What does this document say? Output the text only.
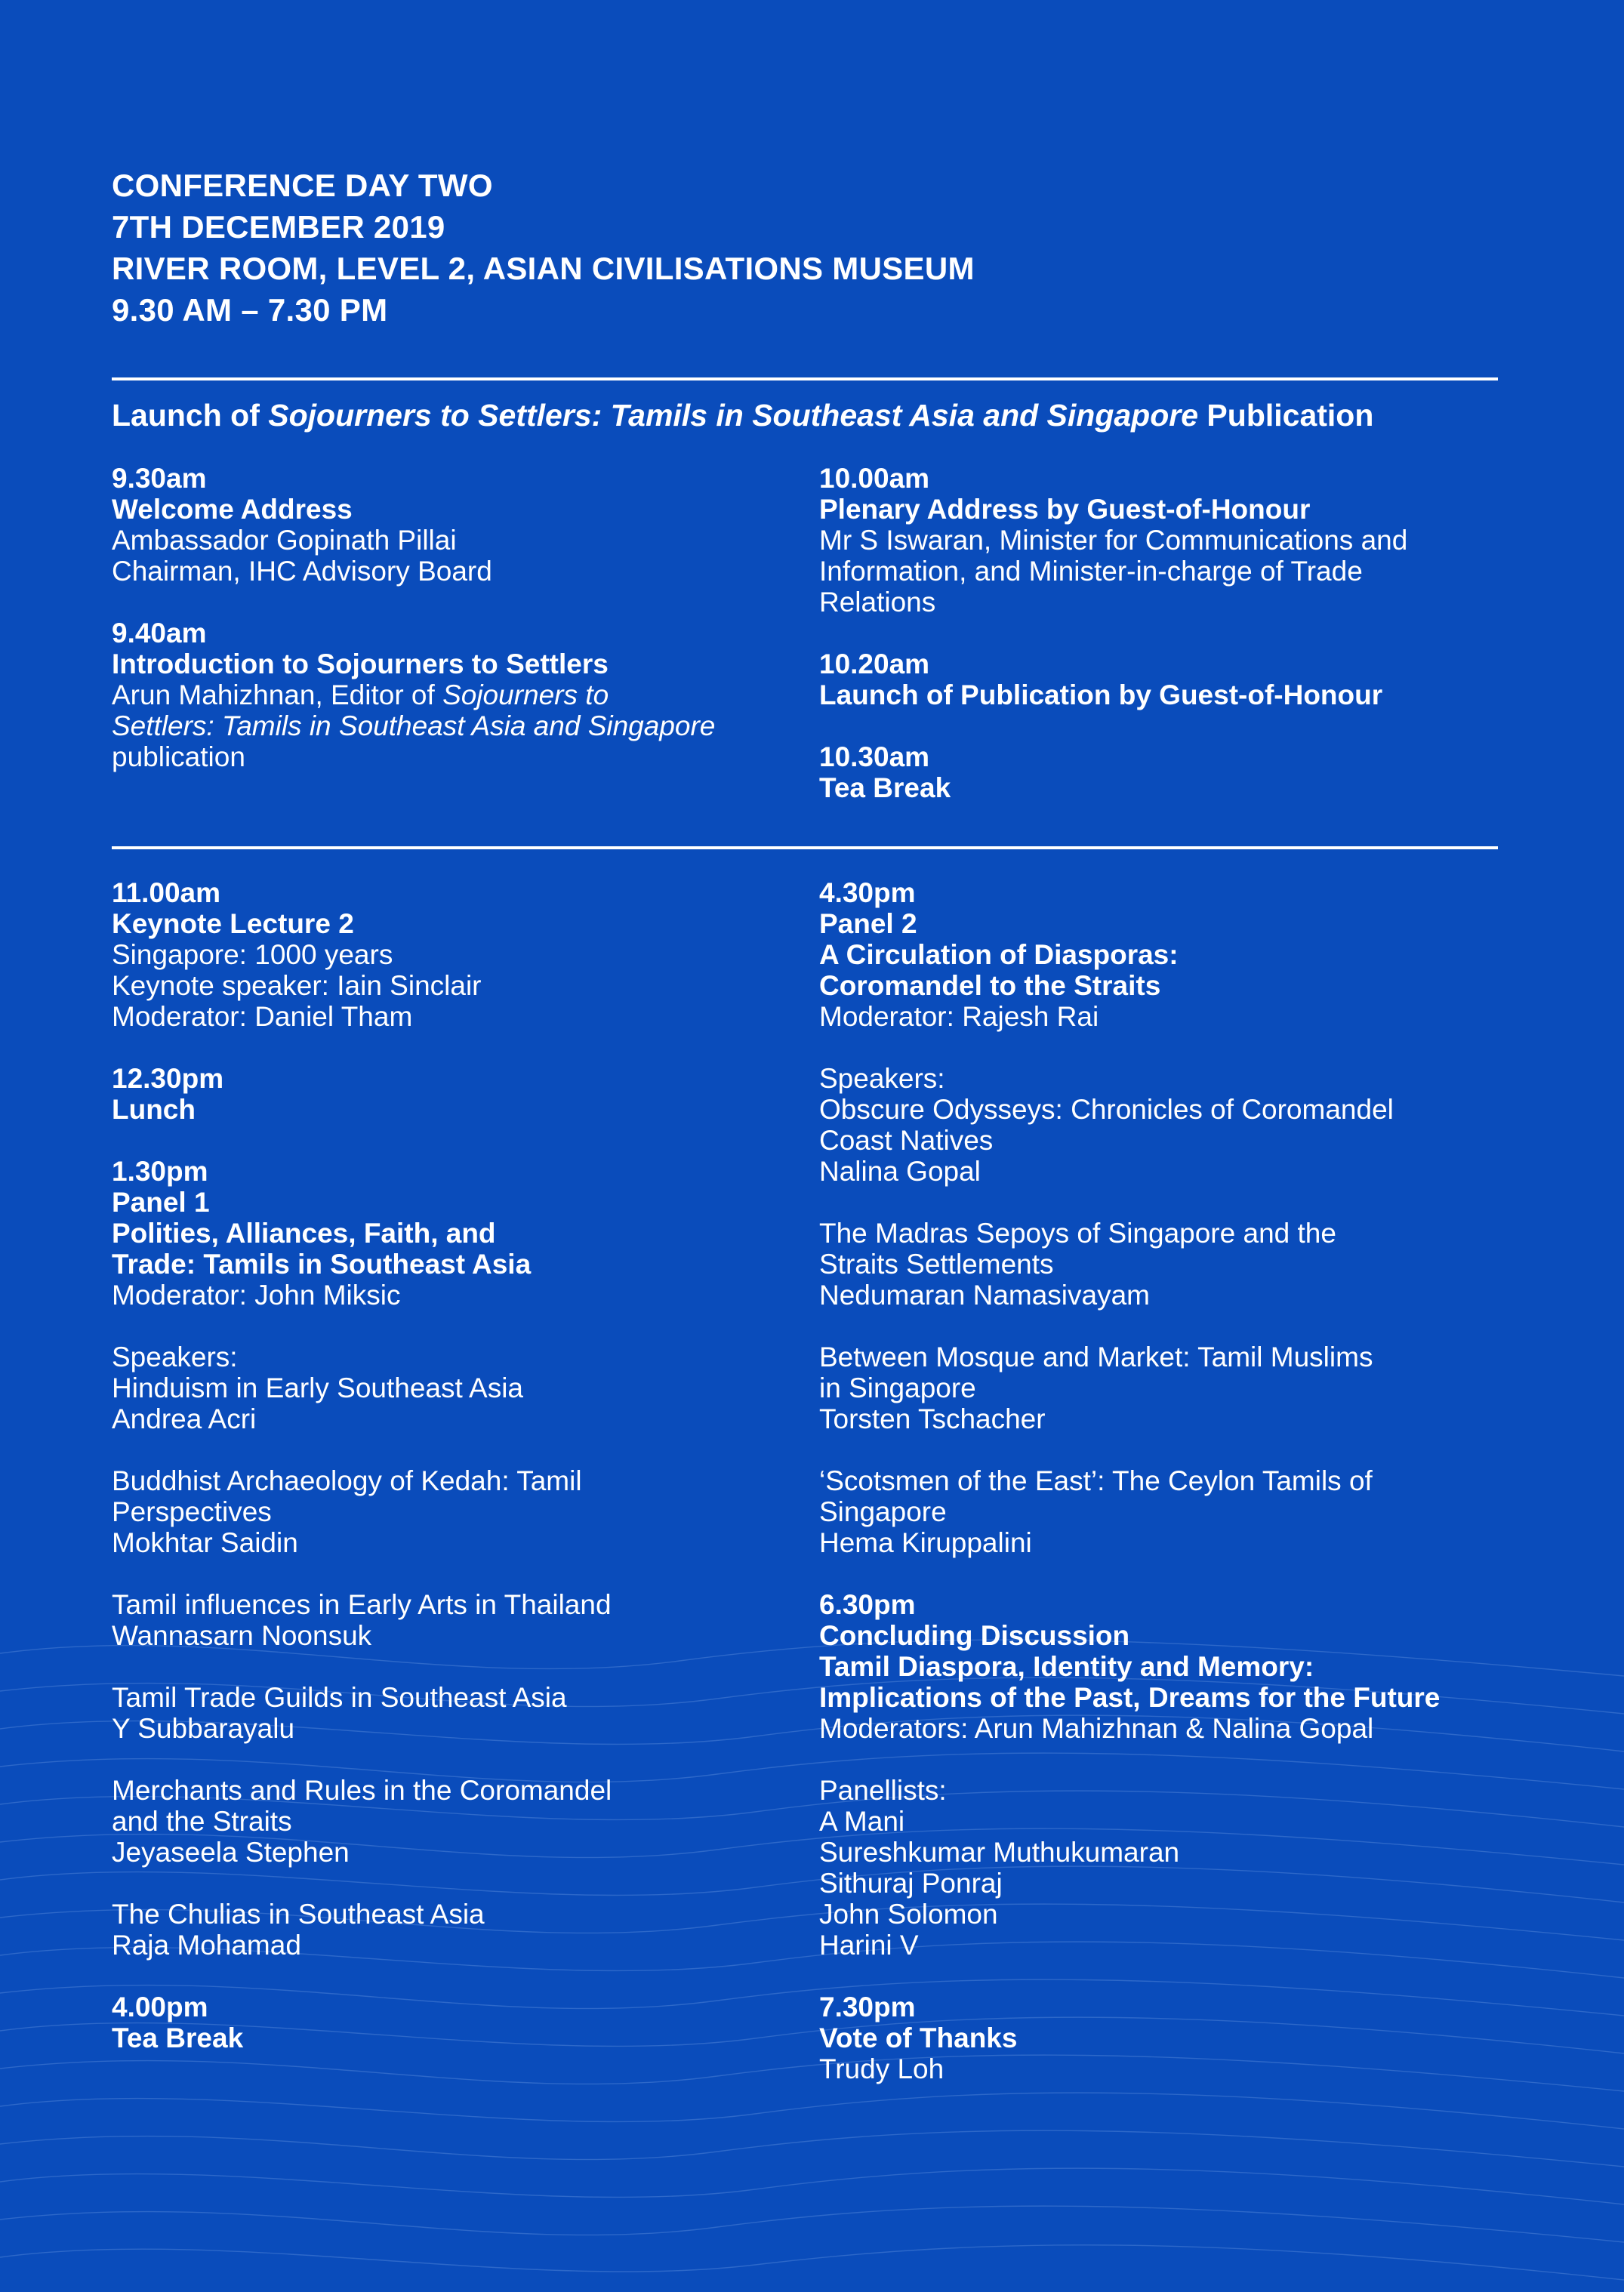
CONFERENCE DAY TWO
7TH DECEMBER 2019
RIVER ROOM, LEVEL 2, ASIAN CIVILISATIONS MUSEUM
9.30 AM – 7.30 PM
Launch of Sojourners to Settlers: Tamils in Southeast Asia and Singapore Publication
9.30am
Welcome Address
Ambassador Gopinath Pillai
Chairman, IHC Advisory Board
9.40am
Introduction to Sojourners to Settlers
Arun Mahizhnan, Editor of Sojourners to
Settlers: Tamils in Southeast Asia and Singapore
publication
10.00am
Plenary Address by Guest-of-Honour
Mr S Iswaran, Minister for Communications and
Information, and Minister-in-charge of Trade
Relations
10.20am
Launch of Publication by Guest-of-Honour
10.30am
Tea Break
11.00am
Keynote Lecture 2
Singapore: 1000 years
Keynote speaker: Iain Sinclair
Moderator: Daniel Tham
12.30pm
Lunch
1.30pm
Panel 1
Polities, Alliances, Faith, and
Trade: Tamils in Southeast Asia
Moderator: John Miksic
Speakers:
Hinduism in Early Southeast Asia
Andrea Acri
Buddhist Archaeology of Kedah: Tamil
Perspectives
Mokhtar Saidin
Tamil influences in Early Arts in Thailand
Wannasarn Noonsuk
Tamil Trade Guilds in Southeast Asia
Y Subbarayalu
Merchants and Rules in the Coromandel
and the Straits
Jeyaseela Stephen
The Chulias in Southeast Asia
Raja Mohamad
4.00pm
Tea Break
4.30pm
Panel 2
A Circulation of Diasporas:
Coromandel to the Straits
Moderator: Rajesh Rai
Speakers:
Obscure Odysseys: Chronicles of Coromandel
Coast Natives
Nalina Gopal
The Madras Sepoys of Singapore and the
Straits Settlements
Nedumaran Namasivayam
Between Mosque and Market: Tamil Muslims
in Singapore
Torsten Tschacher
‘Scotsmen of the East’: The Ceylon Tamils of
Singapore
Hema Kiruppalini
6.30pm
Concluding Discussion
Tamil Diaspora, Identity and Memory:
Implications of the Past, Dreams for the Future
Moderators: Arun Mahizhnan & Nalina Gopal
Panellists:
A Mani
Sureshkumar Muthukumaran
Sithuraj Ponraj
John Solomon
Harini V
7.30pm
Vote of Thanks
Trudy Loh
